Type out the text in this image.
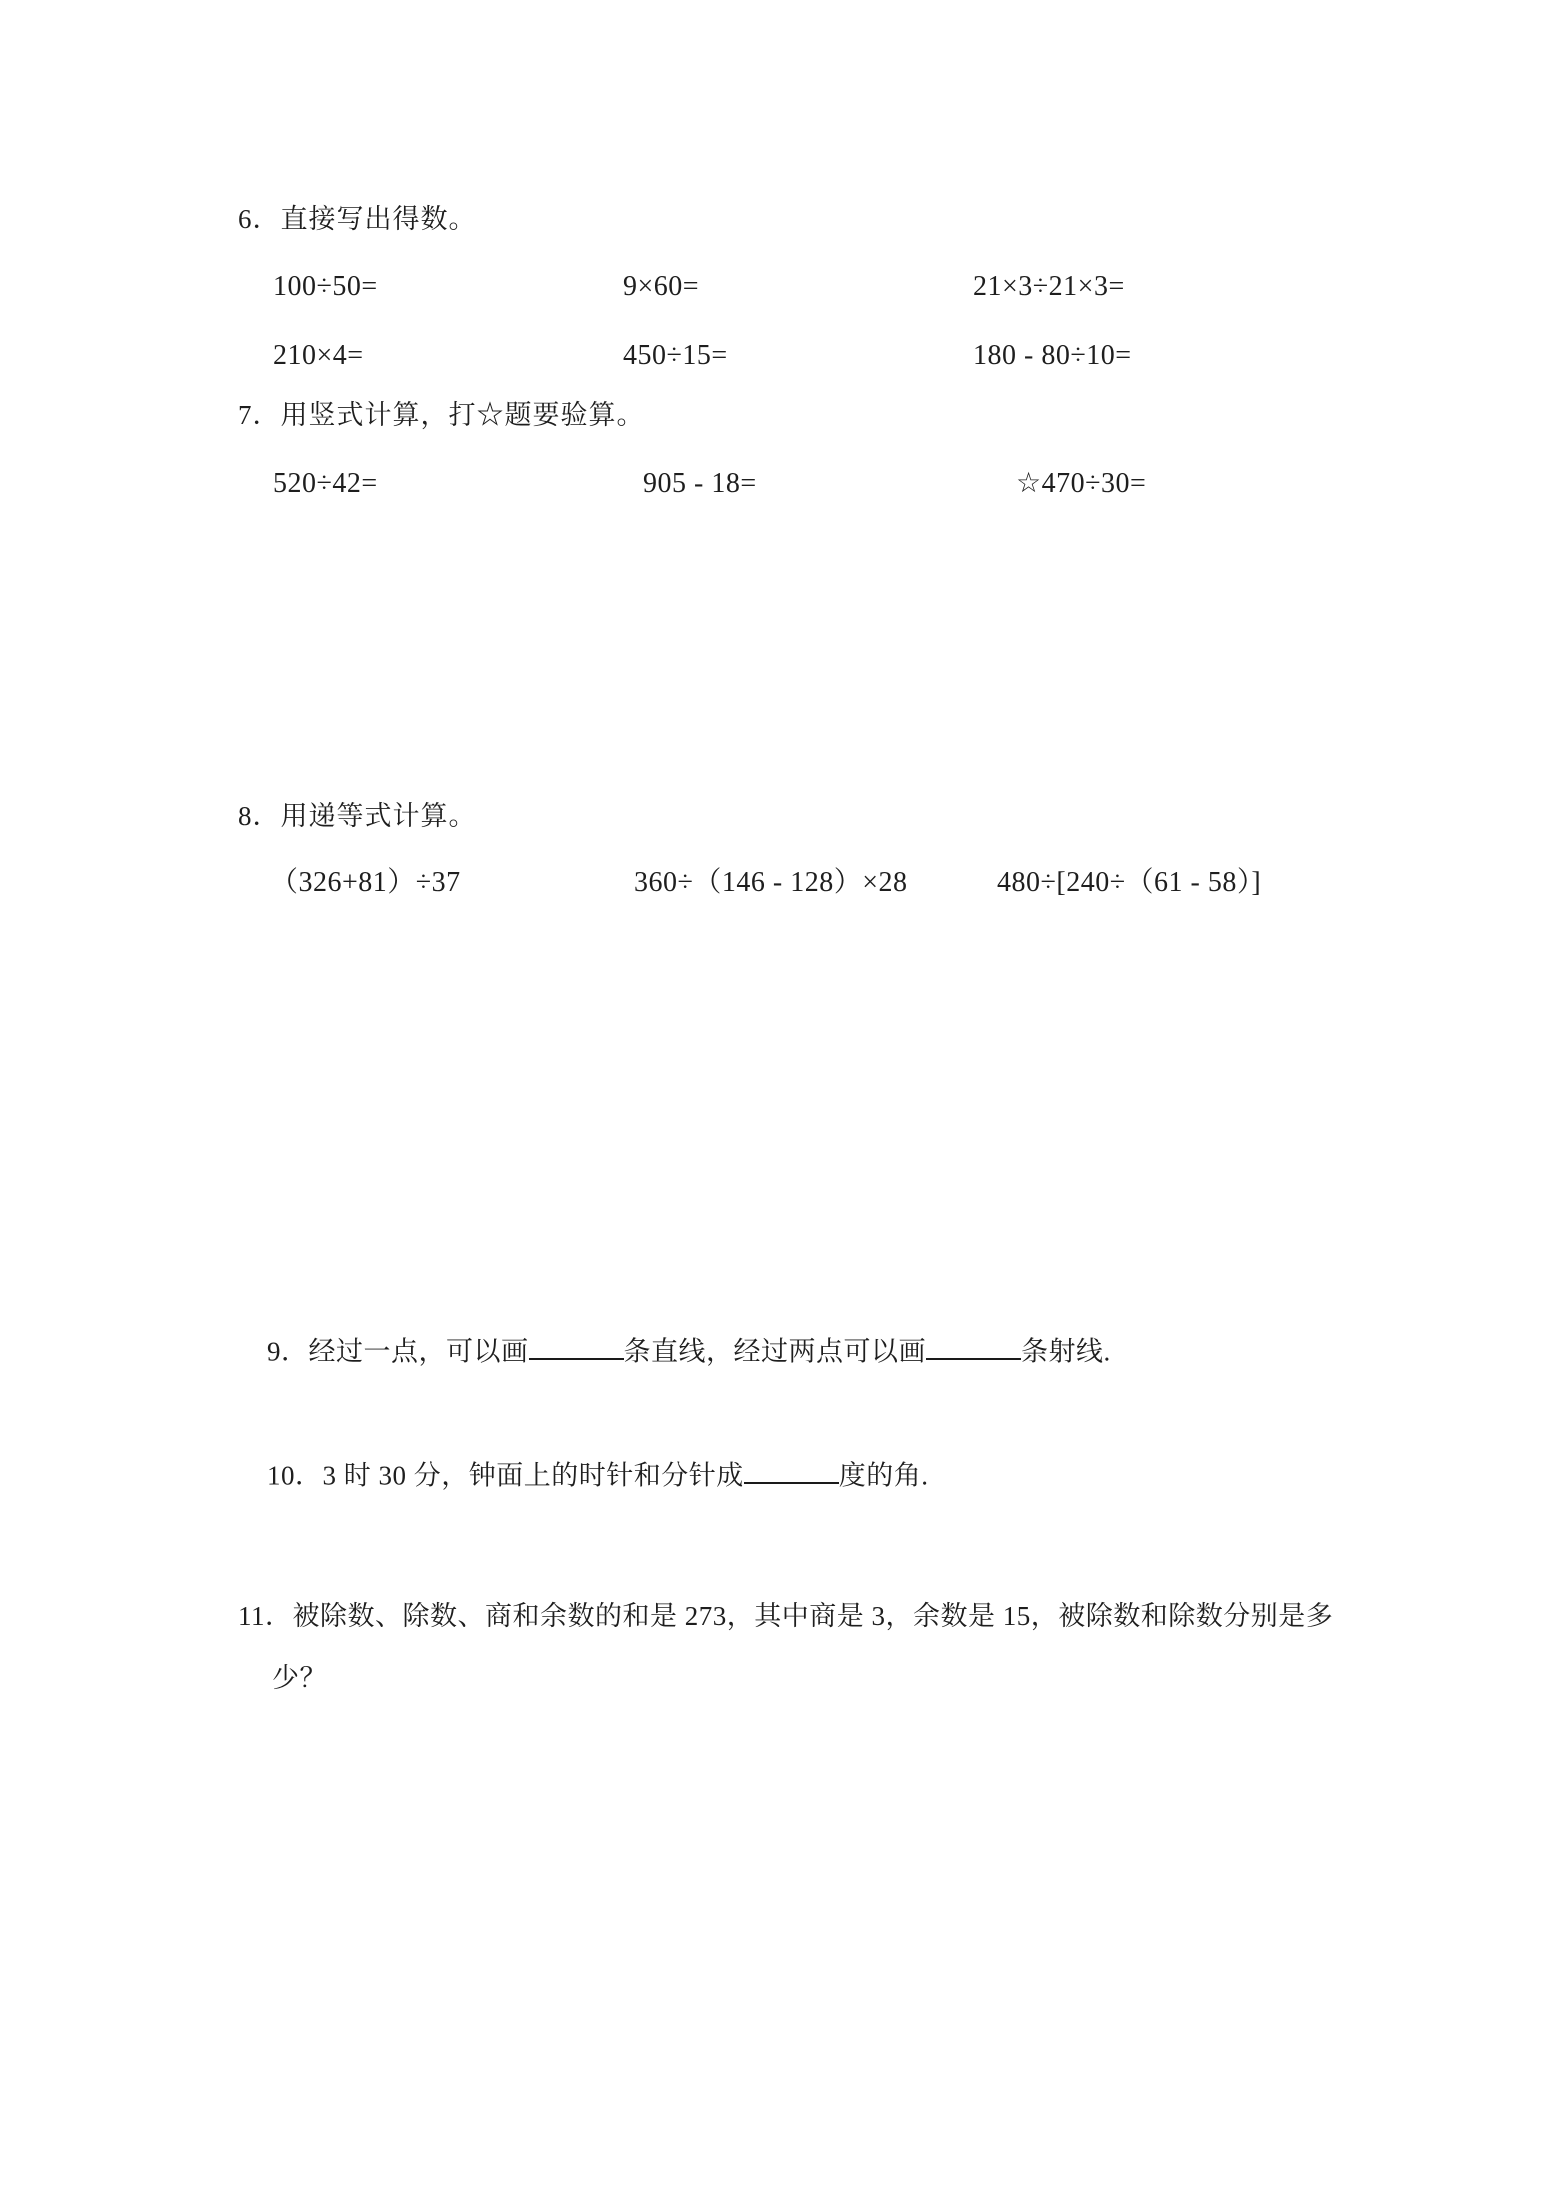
6．直接写出得数。
100÷50=	9×60=	21×3÷21×3=
210×4=	450÷15=	180 - 80÷10=
7．用竖式计算，打☆题要验算。
520÷42=	905 - 18=	☆470÷30=
8．用递等式计算。
（326+81）÷37	360÷（146 - 128）×28	480÷[240÷（61 - 58）]

9．经过一点，可以画	条直线，经过两点可以画	条射线.

10．3 时 30 分，钟面上的时针和分针成	度的角.

11．被除数、除数、商和余数的和是 273，其中商是 3，余数是 15，被除数和除数分别是多
少？
